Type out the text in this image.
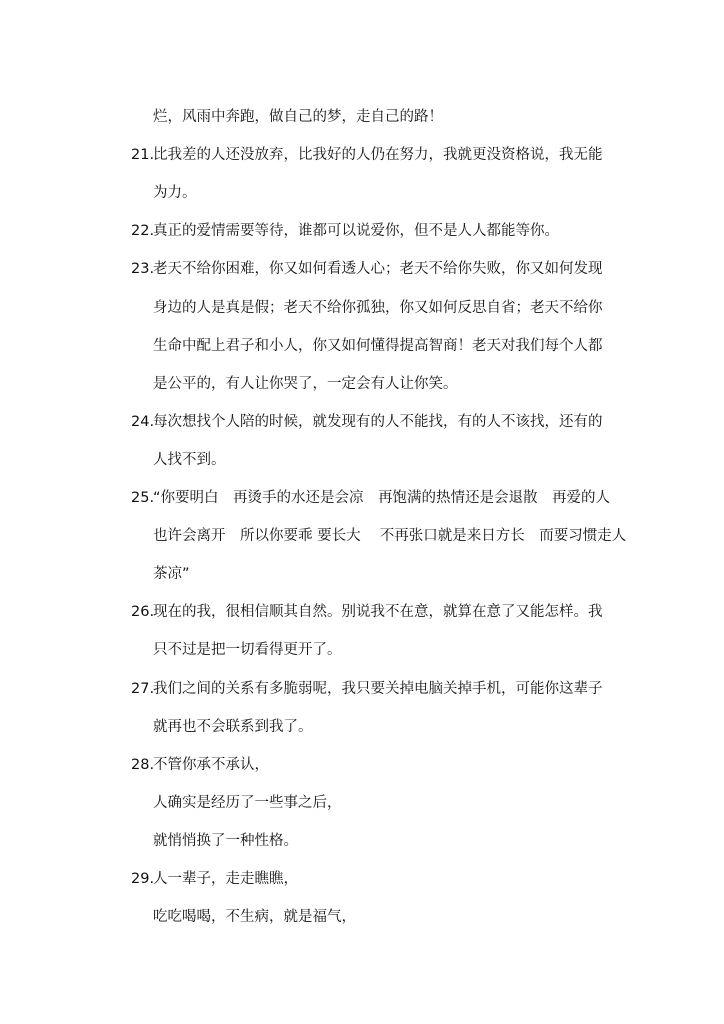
烂，风雨中奔跑，做自己的梦，走自己的路！
21.
比我差的人还没放弃，比我好的人仍在努力，我就更没资格说，我无能
为力。
22.
真正的爱情需要等待，谁都可以说爱你，但不是人人都能等你。
23.
老天不给你困难，你又如何看透人心；老天不给你失败，你又如何发现
身边的人是真是假；老天不给你孤独，你又如何反思自省；老天不给你
生命中配上君子和小人，你又如何懂得提高智商！老天对我们每个人都
是公平的，有人让你哭了，一定会有人让你笑。
24.
每次想找个人陪的时候，就发现有的人不能找，有的人不该找，还有的
人找不到。
25.
“你要明白　再烫手的水还是会凉　再饱满的热情还是会退散　再爱的人
也许会离开　所以你要乖 要长大　 不再张口就是来日方长　而要习惯走人
茶凉”
26.
现在的我，很相信顺其自然。别说我不在意，就算在意了又能怎样。我
只不过是把一切看得更开了。
27.
我们之间的关系有多脆弱呢，我只要关掉电脑关掉手机，可能你这辈子
就再也不会联系到我了。
28.
不管你承不承认，
人确实是经历了一些事之后，
就悄悄换了一种性格。
29.
人一辈子，走走瞧瞧，
吃吃喝喝，不生病，就是福气，
